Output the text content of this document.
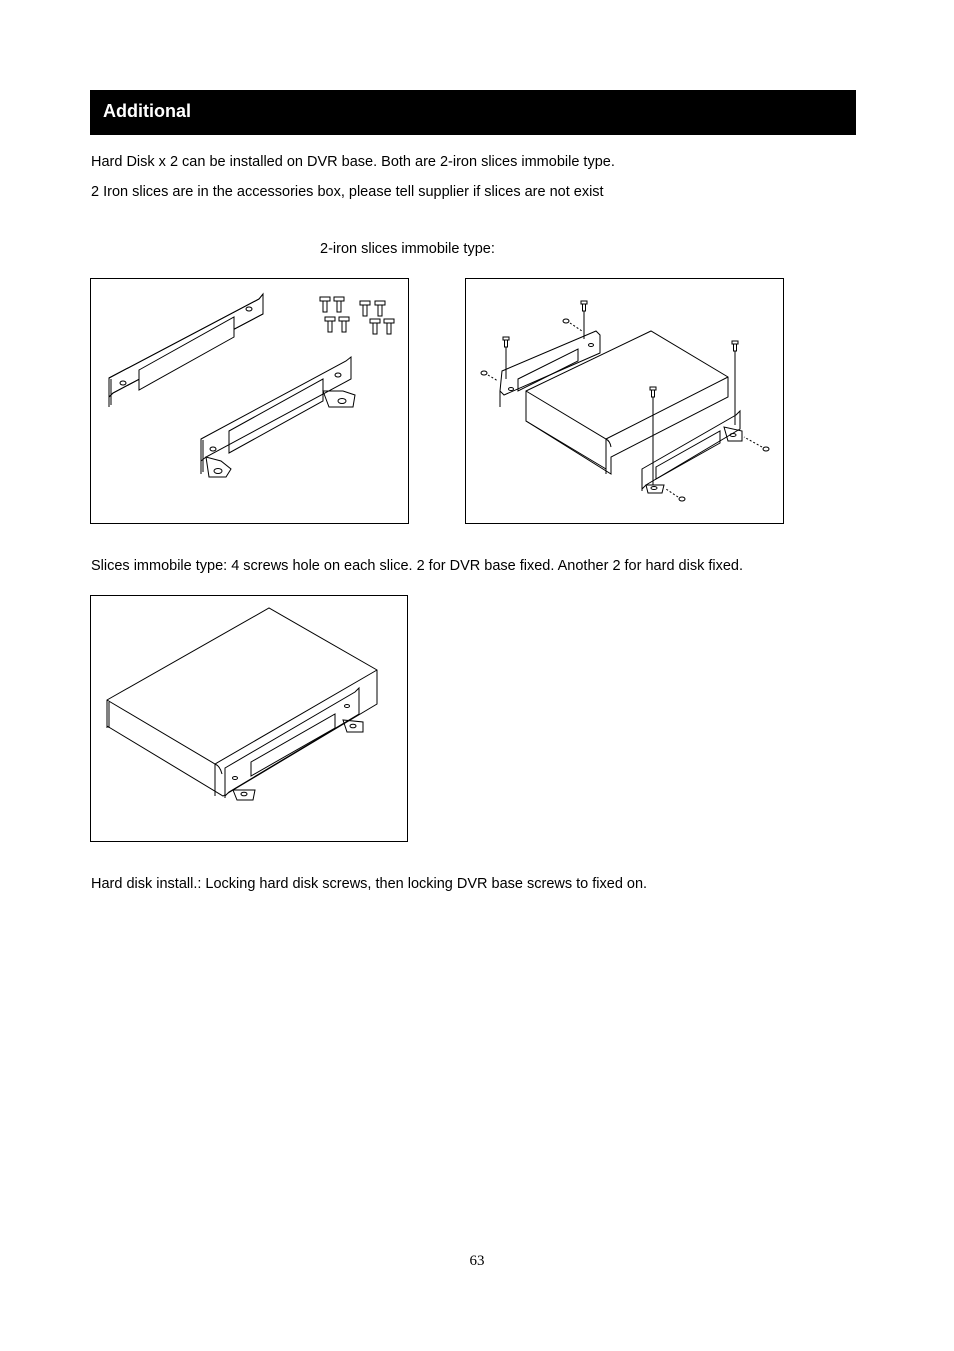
Additional
Hard Disk x 2 can be installed on DVR base. Both are 2-iron slices immobile type.
2 Iron slices are in the accessories box, please tell supplier if slices are not exist
2-iron slices immobile type:
Slices immobile type: 4 screws hole on each slice. 2 for DVR base fixed. Another 2 for hard disk fixed.
Hard disk install.: Locking hard disk screws, then locking DVR base screws to fixed on.
63
